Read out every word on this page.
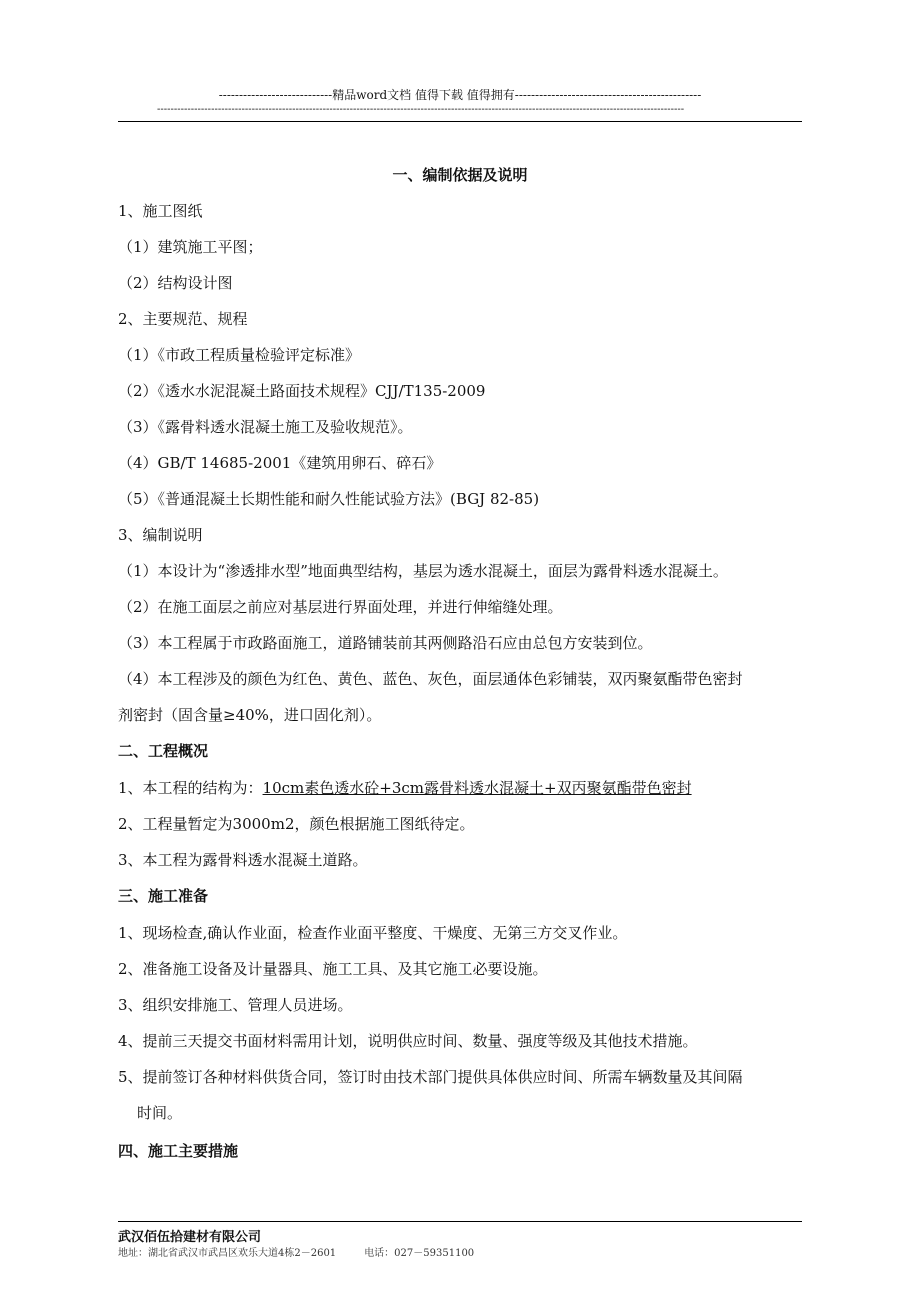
----------------------------精品word文档 值得下载 值得拥有----------------------------------------------
------------------------------------------------------------------------------------------------------------------------------------------------------------
一、编制依据及说明
1、施工图纸
（1）建筑施工平图；
（2）结构设计图
2、主要规范、规程
（1）《市政工程质量检验评定标准》
（2）《透水水泥混凝土路面技术规程》CJJ/T135-2009
（3）《露骨料透水混凝土施工及验收规范》。
（4）GB/T 14685-2001《建筑用卵石、碎石》
（5）《普通混凝土长期性能和耐久性能试验方法》(BGJ 82-85)
3、编制说明
（1）本设计为“渗透排水型”地面典型结构，基层为透水混凝土，面层为露骨料透水混凝土。
（2）在施工面层之前应对基层进行界面处理，并进行伸缩缝处理。
（3）本工程属于市政路面施工，道路铺装前其两侧路沿石应由总包方安装到位。
（4）本工程涉及的颜色为红色、黄色、蓝色、灰色，面层通体色彩铺装，双丙聚氨酯带色密封
剂密封（固含量≥40%，进口固化剂）。
二、工程概况
1、本工程的结构为：10cm素色透水砼+3cm露骨料透水混凝土+双丙聚氨酯带色密封
2、工程量暂定为3000m2，颜色根据施工图纸待定。
3、本工程为露骨料透水混凝土道路。
三、施工准备
1、现场检查,确认作业面，检查作业面平整度、干燥度、无第三方交叉作业。
2、准备施工设备及计量器具、施工工具、及其它施工必要设施。
3、组织安排施工、管理人员进场。
4、提前三天提交书面材料需用计划，说明供应时间、数量、强度等级及其他技术措施。
5、提前签订各种材料供货合同，签订时由技术部门提供具体供应时间、所需车辆数量及其间隔
时间。
四、施工主要措施
武汉佰伍拾建材有限公司
地址：湖北省武汉市武昌区欢乐大道4栋2－2601	电话：027－59351100
